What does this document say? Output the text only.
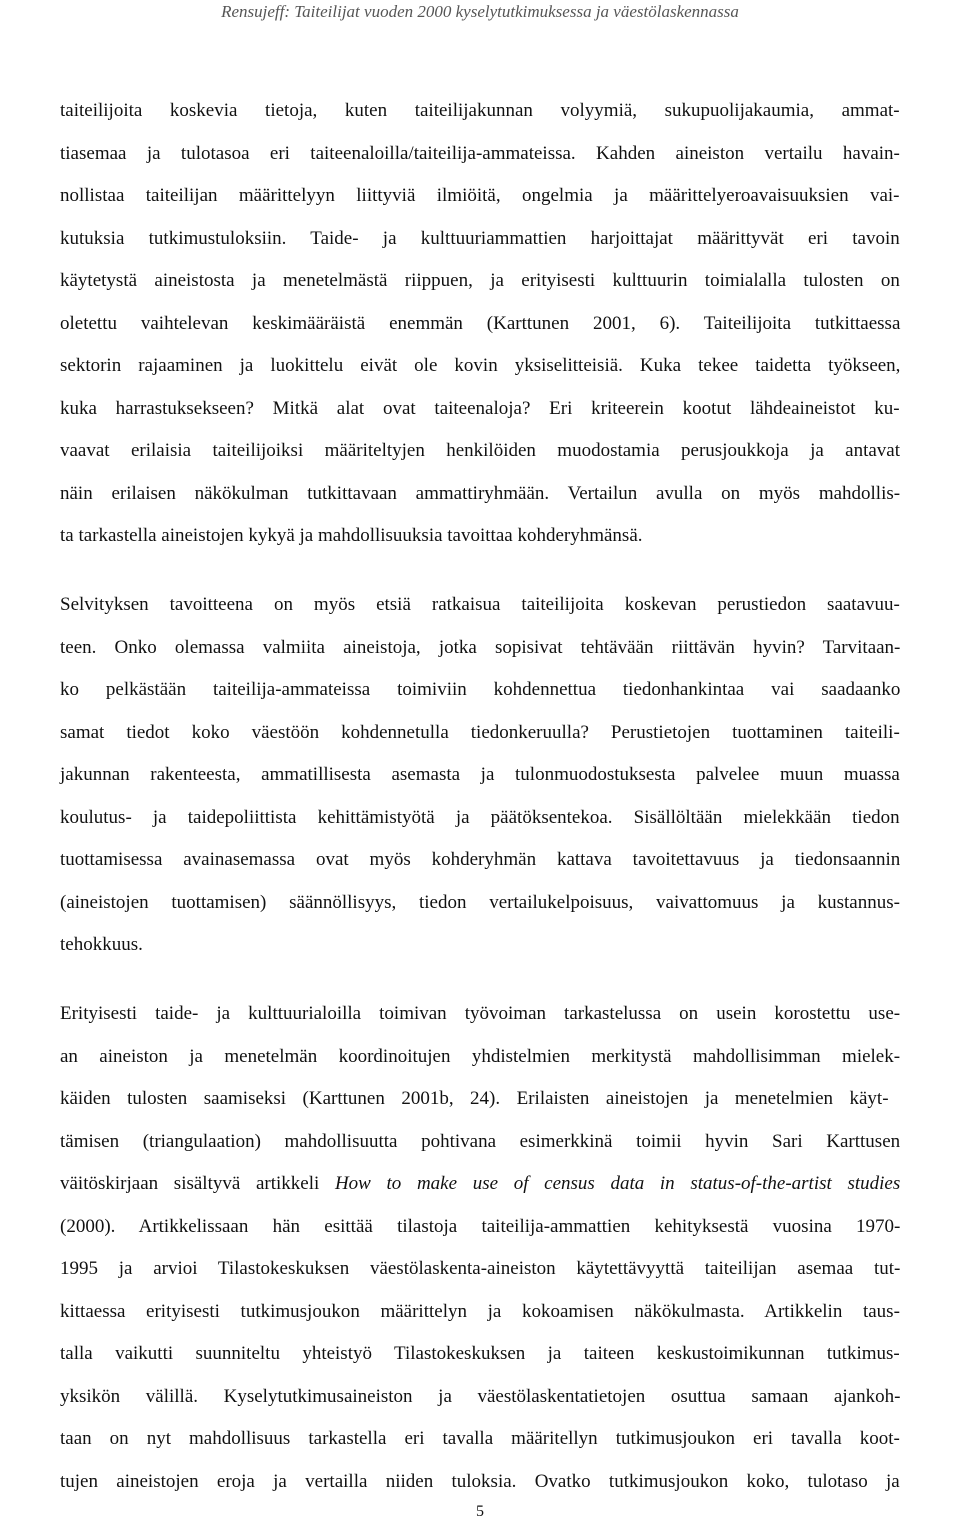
Rensujeff: Taiteilijat vuoden 2000 kyselytutkimuksessa ja väestölaskennassa
taiteilijoita koskevia tietoja, kuten taiteilijakunnan volyymiä, sukupuolijakaumia, ammat-
tiasemaa ja tulotasoa eri taiteenaloilla/taiteilija-ammateissa. Kahden aineiston vertailu havain-
nollistaa taiteilijan määrittelyyn liittyviä ilmiöitä, ongelmia ja määrittelyeroavaisuuksien vai-
kutuksia tutkimustuloksiin. Taide- ja kulttuuriammattien harjoittajat määrittyvät eri tavoin
käytetystä aineistosta ja menetelmästä riippuen, ja erityisesti kulttuurin toimialalla tulosten on
oletettu vaihtelevan keskimääräistä enemmän (Karttunen 2001, 6). Taiteilijoita tutkittaessa
sektorin rajaaminen ja luokittelu eivät ole kovin yksiselitteisiä. Kuka tekee taidetta työkseen,
kuka harrastuksekseen? Mitkä alat ovat taiteenaloja? Eri kriteerein kootut lähdeaineistot ku-
vaavat erilaisia taiteilijoiksi määriteltyjen henkilöiden muodostamia perusjoukkoja ja antavat
näin erilaisen näkökulman tutkittavaan ammattiryhmään. Vertailun avulla on myös mahdollis-
ta tarkastella aineistojen kykyä ja mahdollisuuksia tavoittaa kohderyhmänsä.
Selvityksen tavoitteena on myös etsiä ratkaisua taiteilijoita koskevan perustiedon saatavuu-
teen. Onko olemassa valmiita aineistoja, jotka sopisivat tehtävään riittävän hyvin? Tarvitaan-
ko pelkästään taiteilija-ammateissa toimiviin kohdennettua tiedonhankintaa vai saadaanko
samat tiedot koko väestöön kohdennetulla tiedonkeruulla? Perustietojen tuottaminen taiteili-
jakunnan rakenteesta, ammatillisesta asemasta ja tulonmuodostuksesta palvelee muun muassa
koulutus- ja taidepoliittista kehittämistyötä ja päätöksentekoa. Sisällöltään mielekkään tiedon
tuottamisessa avainasemassa ovat myös kohderyhmän kattava tavoitettavuus ja tiedonsaannin
(aineistojen tuottamisen) säännöllisyys, tiedon vertailukelpoisuus, vaivattomuus ja kustannus-
tehokkuus.
Erityisesti taide- ja kulttuurialoilla toimivan työvoiman tarkastelussa on usein korostettu use-
an aineiston ja menetelmän koordinoitujen yhdistelmien merkitystä mahdollisimman mielek-
käiden tulosten saamiseksi (Karttunen 2001b, 24). Erilaisten aineistojen ja menetelmien käyt-
tämisen (triangulaation) mahdollisuutta pohtivana esimerkkinä toimii hyvin Sari Karttusen
väitöskirjaan sisältyvä artikkeli How to make use of census data in status-of-the-artist studies
(2000). Artikkelissaan hän esittää tilastoja taiteilija-ammattien kehityksestä vuosina 1970-
1995 ja arvioi Tilastokeskuksen väestölaskenta-aineiston käytettävyyttä taiteilijan asemaa tut-
kittaessa erityisesti tutkimusjoukon määrittelyn ja kokoamisen näkökulmasta. Artikkelin taus-
talla vaikutti suunniteltu yhteistyö Tilastokeskuksen ja taiteen keskustoimikunnan tutkimus-
yksikön välillä. Kyselytutkimusaineiston ja väestölaskentatietojen osuttua samaan ajankoh-
taan on nyt mahdollisuus tarkastella eri tavalla määritellyn tutkimusjoukon eri tavalla koot-
tujen aineistojen eroja ja vertailla niiden tuloksia. Ovatko tutkimusjoukon koko, tulotaso ja
5
